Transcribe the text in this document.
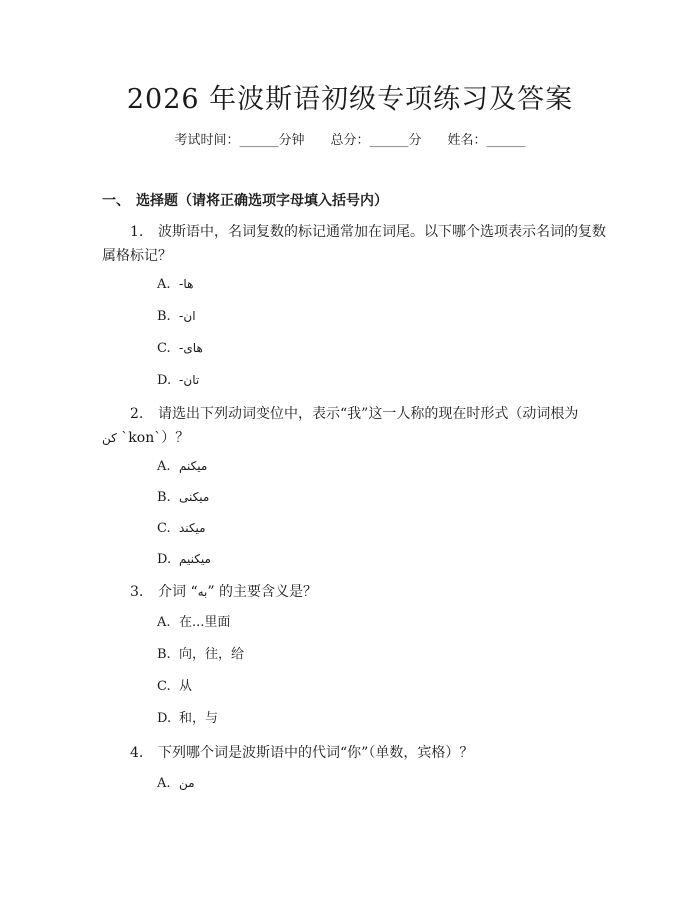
2026 年波斯语初级专项练习及答案
考试时间：______分钟 总分：______分 姓名：______
一、 选择题（请将正确选项字母填入括号内）
1. 波斯语中，名词复数的标记通常加在词尾。以下哪个选项表示名词的复数
属格标记？
A. -ها
B. -ان
C. -های
D. -تان
2. 请选出下列动词变位中，表示“我”这一人称的现在时形式（动词根为
کن `kon`）？
A. میکنم
B. میکنی
C. میکند
D. میکنیم
3. 介词 “به” 的主要含义是？
A. 在...里面
B. 向，往，给
C. 从
D. 和，与
4. 下列哪个词是波斯语中的代词“你”（单数，宾格）？
A. من
